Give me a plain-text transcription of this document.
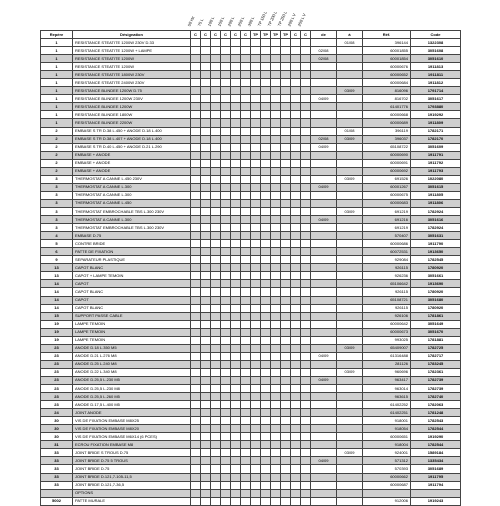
50 Hz 75 L 100 L 150 L 200 L 250 L 300 L TP 150 L
TP 200 L
TP 250 L
200 L V 250 L V
Repère	Désignation	C	C	C	C	C	C	TP	TP	TP	TP	C	C	de	à	Réf.	Code
1	RESISTANCE STEATITE 1200W 230V D.33														01/08	396144	1322308
1	RESISTANCE STEATITE 1200W + LAMPE													02/08		60001855	3051608
1	RESISTANCE STEATITE 1200W													02/08		60001854	3051610
1	RESISTANCE STEATITE 1200W															60000676	1911813
1	RESISTANCE STEATITE 1800W 230V															60000652	1911811
1	RESISTANCE STEATITE 2400W 230V															60000684	1911812
1	RESISTANCE BLINDEE 1200W D.75														03/09	816096	1791714
1	RESISTANCE BLINDEE 1200W 230V													04/09		816702	3051617
1	RESISTANCE BLINDEE 1200W															61401776	1793880
1	RESISTANCE BLINDEE 1800W															60000668	1919292
1	RESISTANCE BLINDEE 2200W															60000689	1911809
2	EMBASE S TR D.38 L.450 + ANODE D.18 L.400														01/08	396119	1782171
2	EMBASE S TR D.38 L.407 + ANODE D.18 L.400													02/08	03/09	396037	1782170
2	EMBASE S TR D.40 L.450 + ANODE D.21 L.290													04/09		65108722	3051609
2	EMBASE + ANODE															60000690	1911791
2	EMBASE + ANODE															60000691	1911792
2	EMBASE + ANODE															60000692	1911793
3	THERMOSTAT A CANNE L.450 230V														03/09	691526	1022080
3	THERMOSTAT A CANNE L.300													04/09		60001267	3051615
3	THERMOSTAT A CANNE L.300															60000675	1911805
3	THERMOSTAT A CANNE L.450															60000683	1911806
3	THERMOSTAT EMBROCHABLE TBS L.300 230V														03/09	691219	1782924
3	THERMOSTAT A CANNE L.300													04/09		691216	3051616
3	THERMOSTAT EMBROCHABLE TBS L.300 230V															691219	1782924
4	EMBASE D.75															570407	3051631
5	CONTRE BRIDE															60000686	1911790
6	PATTE DE FIXATION															60072531	1913650
9	SEPARATEUR PLASTIQUE															929084	1782545
13	CAPOT BLANC															926115	1780920
13	CAPOT + LAMPE TEMOIN															926236	3051661
14	CAPOT															65106642	1913690
14	CAPOT BLANC															926115	1780920
14	CAPOT															65108721	3051680
14	CAPOT BLANC															926115	1780920
15	SUPPORT PASSE CABLE															926106	1781861
19	LAMPE TEMOIN															60000642	3051649
19	LAMPE TEMOIN															60000673	3051670
19	LAMPE TEMOIN															993025	1781881
23	ANODE D.18 L.350 M5														03/09	65409007	1782725
23	ANODE D.21 L.276 M8													04/09		61316488	1782717
23	ANODE D.25 L.240 M8															281126	1783245
23	ANODE D.22 L.340 M8														03/09	960696	1782361
23	ANODE D.25,5 L.230 M5													04/09		963417	1782739
23	ANODE D.25,5 L.230 M8															963014	1782739
23	ANODE D.25,5 L.260 M5															963615	1782740
23	ANODE D.17,5 L.400 M5															61402252	1782063
24	JOINT ANODE															61402251	1781248
30	VIS DE FIXATION EMBASE M8X25															918001	1782543
30	VIS DE FIXATION EMBASE M8X20															918054	1782544
30	VIS DE FIXATION EMBASE M6X14 (6 PCES)															60000651	1919290
31	ECROU FIXATION EMBASE M8															918004	1782544
33	JOINT BRIDE S TROUS D.75														03/09	924001	1589184
33	JOINT BRIDE D.75 5 TROUS													04/09		571312	1335434
33	JOINT BRIDE D.75															570393	3051689
33	JOINT BRIDE D.121,7-105-11,5															60000662	1911795
33	JOINT BRIDE D.121,7-36,5															60000687	1911794
	OPTIONS																
5002	PATTE MURALE															912006	1919243
